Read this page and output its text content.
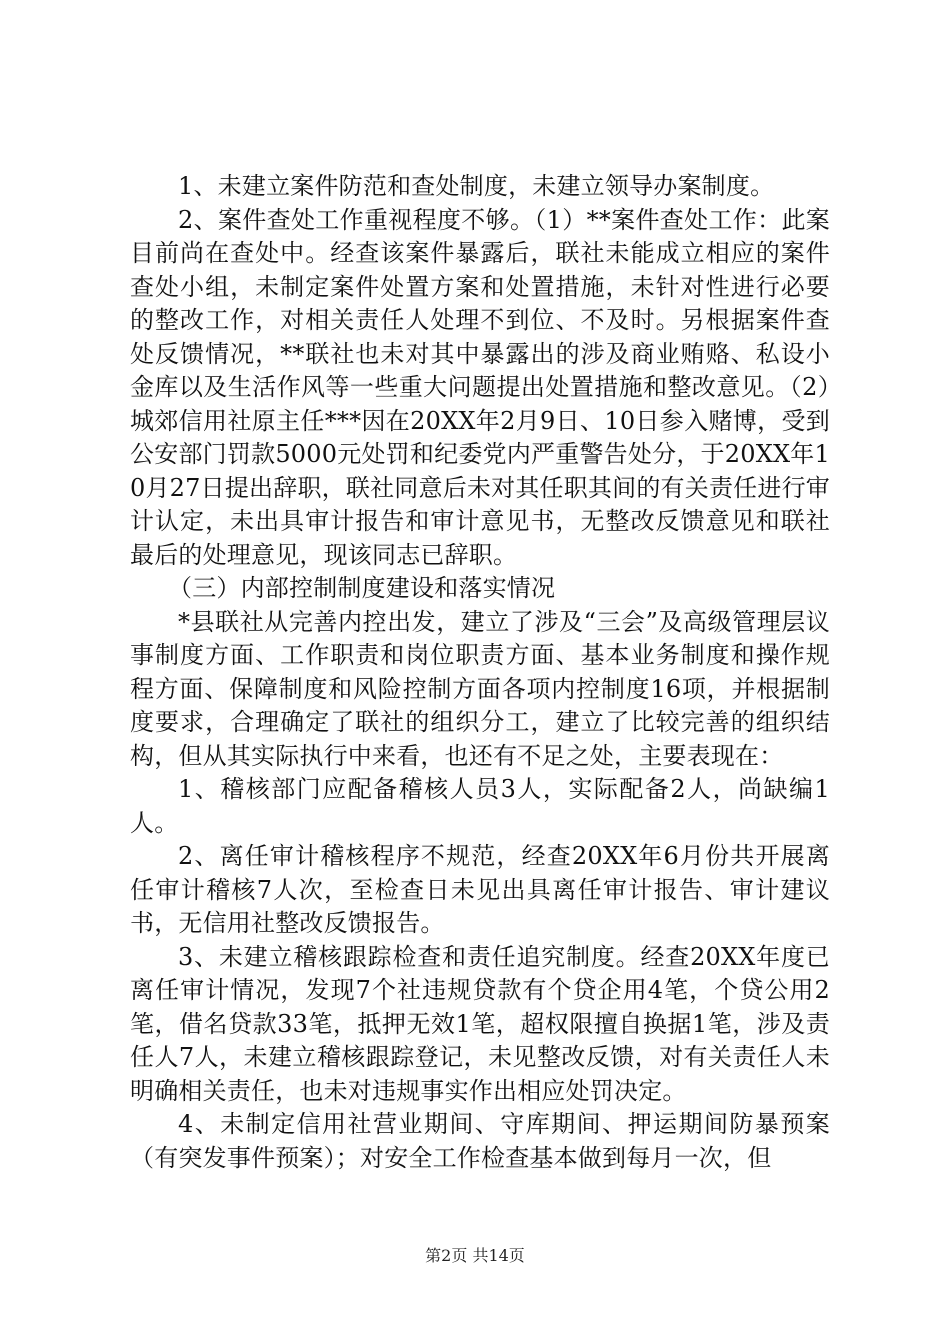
1、未建立案件防范和查处制度，未建立领导办案制度。

2、案件查处工作重视程度不够。（1）**案件查处工作：此案目前尚在查处中。经查该案件暴露后，联社未能成立相应的案件查处小组，未制定案件处置方案和处置措施，未针对性进行必要的整改工作，对相关责任人处理不到位、不及时。另根据案件查处反馈情况，**联社也未对其中暴露出的涉及商业贿赂、私设小金库以及生活作风等一些重大问题提出处置措施和整改意见。（2）城郊信用社原主任***因在20XX年2月9日、10日参入赌博，受到公安部门罚款5000元处罚和纪委党内严重警告处分，于20XX年10月27日提出辞职，联社同意后未对其任职其间的有关责任进行审计认定，未出具审计报告和审计意见书，无整改反馈意见和联社最后的处理意见，现该同志已辞职。

（三）内部控制制度建设和落实情况

*县联社从完善内控出发，建立了涉及“三会”及高级管理层议事制度方面、工作职责和岗位职责方面、基本业务制度和操作规程方面、保障制度和风险控制方面各项内控制度16项，并根据制度要求，合理确定了联社的组织分工，建立了比较完善的组织结构，但从其实际执行中来看，也还有不足之处，主要表现在：

1、稽核部门应配备稽核人员3人，实际配备2人，尚缺编1人。

2、离任审计稽核程序不规范，经查20XX年6月份共开展离任审计稽核7人次，至检查日未见出具离任审计报告、审计建议书，无信用社整改反馈报告。

3、未建立稽核跟踪检查和责任追究制度。经查20XX年度已离任审计情况，发现7个社违规贷款有个贷企用4笔，个贷公用2笔，借名贷款33笔，抵押无效1笔，超权限擅自换据1笔，涉及责任人7人，未建立稽核跟踪登记，未见整改反馈，对有关责任人未明确相关责任，也未对违规事实作出相应处罚决定。

4、未制定信用社营业期间、守库期间、押运期间防暴预案（有突发事件预案）；对安全工作检查基本做到每月一次，但

第2页 共14页
